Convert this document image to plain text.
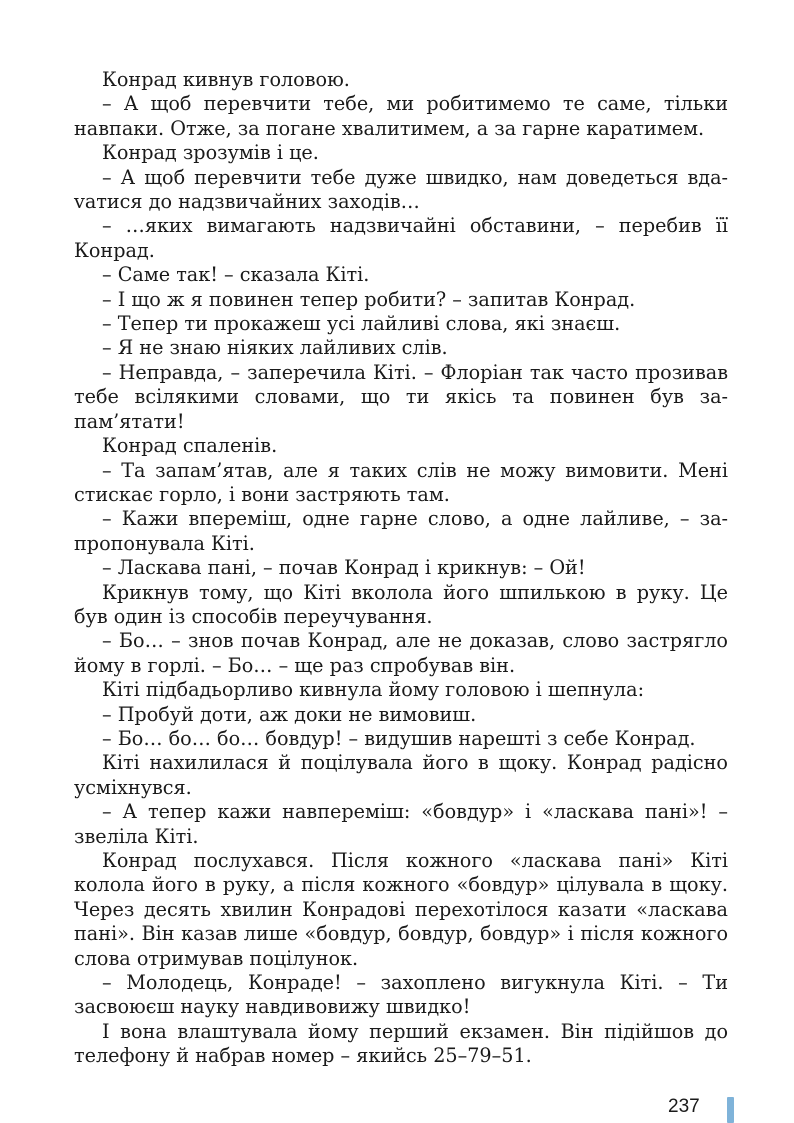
Конрад кивнув головою.

– А щоб перевчити тебе, ми робитимемо те саме, тільки навпаки. Отже, за погане хвалитимем, а за гарне каратимем.

Конрад зрозумів і це.

– А щоб перевчити тебе дуже швидко, нам доведеться вдаvатися до надзвичайних заходів…

– …яких вимагають надзвичайні обставини, – перебив її Конрад.

– Саме так! – сказала Кіті.

– І що ж я повинен тепер робити? – запитав Конрад.

– Тепер ти прокажеш усі лайливі слова, які знаєш.

– Я не знаю ніяких лайливих слів.

– Неправда, – заперечила Кіті. – Флоріан так часто прозивав тебе всілякими словами, що ти якісь та повинен був запам’ятати!

Конрад спаленів.

– Та запам’ятав, але я таких слів не можу вимовити. Мені стискає горло, і вони застряють там.

– Кажи впереміш, одне гарне слово, а одне лайливе, – запропонувала Кіті.

– Ласкава пані, – почав Конрад і крикнув: – Ой!

Крикнув тому, що Кіті вколола його шпилькою в руку. Це був один із способів переучування.

– Бо… – знов почав Конрад, але не доказав, слово застрягло йому в горлі. – Бо… – ще раз спробував він.

Кіті підбадьорливо кивнула йому головою і шепнула:

– Пробуй доти, аж доки не вимовиш.

– Бо… бо… бо… бовдур! – видушив нарешті з себе Конрад.

Кіті нахилилася й поцілувала його в щоку. Конрад радісно усміхнувся.

– А тепер кажи навпереміш: «бовдур» і «ласкава пані»! – звеліла Кіті.

Конрад послухався. Після кожного «ласкава пані» Кіті колола його в руку, а після кожного «бовдур» цілувала в щоку. Через десять хвилин Конрадові перехотілося казати «ласкава пані». Він казав лише «бовдур, бовдур, бовдур» і після кожного слова отримував поцілунок.

– Молодець, Конраде! – захоплено вигукнула Кіті. – Ти засвоюєш науку навдивовижу швидко!

І вона влаштувала йому перший екзамен. Він підійшов до телефону й набрав номер – якийсь 25–79–51.

237
